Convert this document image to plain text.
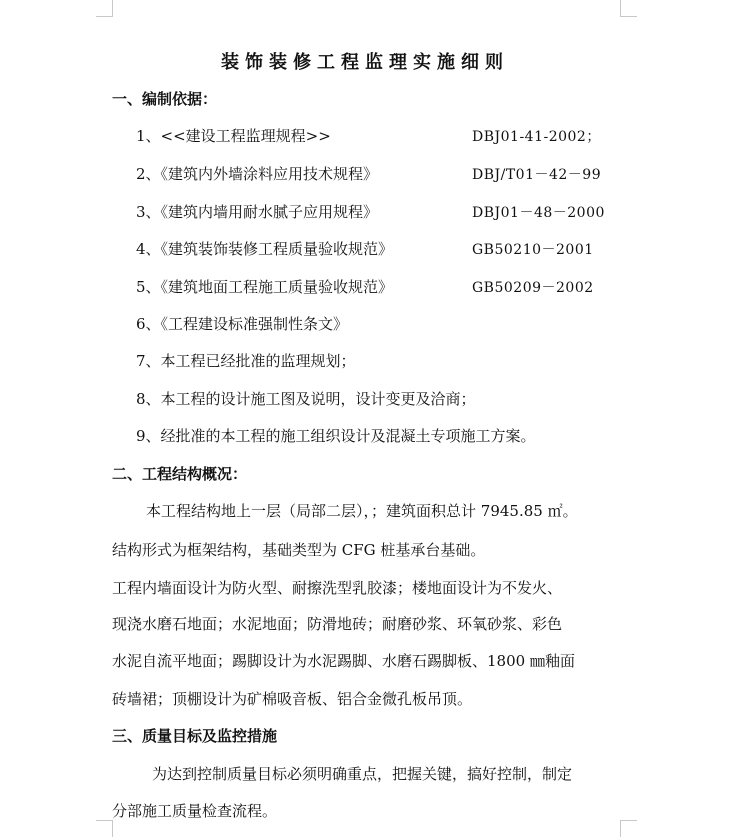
装饰装修工程监理实施细则
一、编制依据：
1、<<建设工程监理规程>>	DBJ01-41-2002；
2、《建筑内外墙涂料应用技术规程》	DBJ/T01－42－99
3、《建筑内墙用耐水腻子应用规程》	DBJ01－48－2000
4、《建筑装饰装修工程质量验收规范》	GB50210－2001
5、《建筑地面工程施工质量验收规范》	GB50209－2002
6、《工程建设标准强制性条文》
7、本工程已经批准的监理规划；
8、本工程的设计施工图及说明，设计变更及洽商；
9、经批准的本工程的施工组织设计及混凝土专项施工方案。
二、工程结构概况：
本工程结构地上一层（局部二层），；建筑面积总计 7945.85 ㎡。
结构形式为框架结构，基础类型为 CFG 桩基承台基础。
工程内墙面设计为防火型、耐擦洗型乳胶漆；楼地面设计为不发火、
现浇水磨石地面；水泥地面；防滑地砖；耐磨砂浆、环氧砂浆、彩色
水泥自流平地面；踢脚设计为水泥踢脚、水磨石踢脚板、1800 ㎜釉面
砖墙裙；顶棚设计为矿棉吸音板、铝合金微孔板吊顶。
三、质量目标及监控措施
为达到控制质量目标必须明确重点，把握关键，搞好控制，制定
分部施工质量检查流程。
